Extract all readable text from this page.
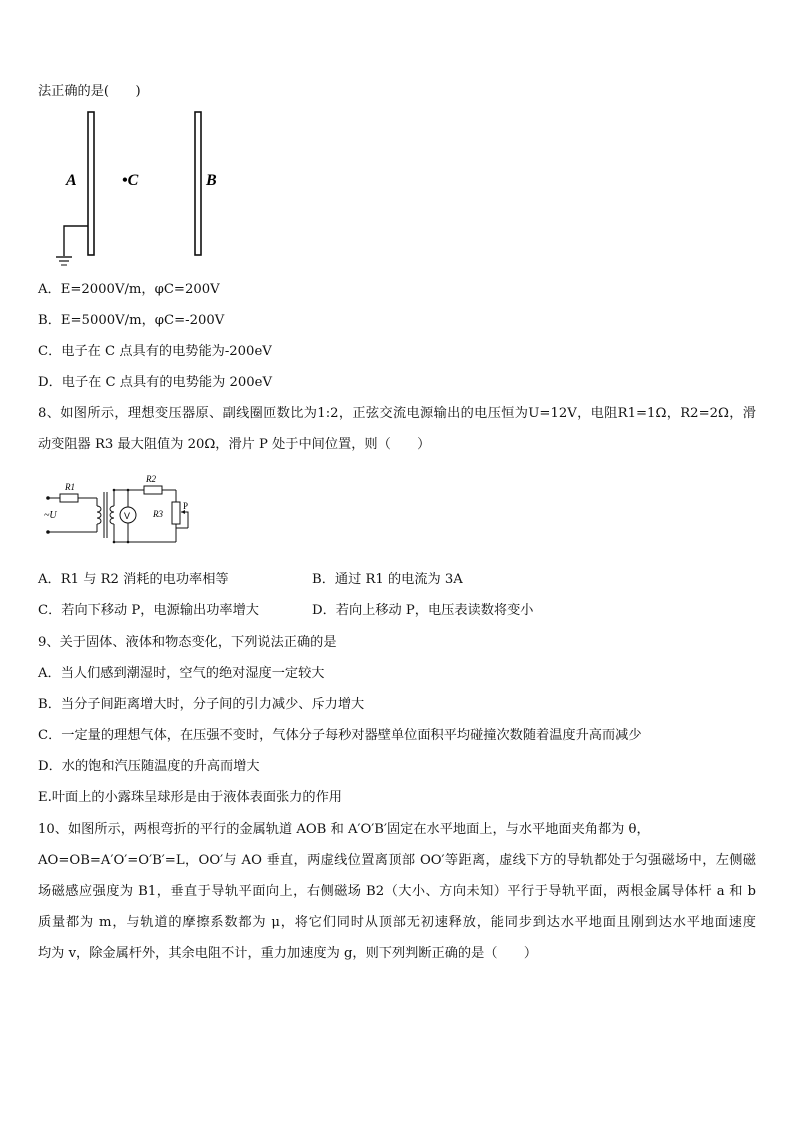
法正确的是(　　)
A	•C	B
A．E=2000V/m，φC=200V
B．E=5000V/m，φC=-200V
C．电子在 C 点具有的电势能为-200eV
D．电子在 C 点具有的电势能为 200eV
8、如图所示，理想变压器原、副线圈匝数比为1:2，正弦交流电源输出的电压恒为U=12V，电阻R1=1Ω，R2=2Ω，滑
动变阻器 R3 最大阻值为 20Ω，滑片 P 处于中间位置，则（　　）
R1
R2
R3
P
~U	V
A．R1 与 R2 消耗的电功率相等	B．通过 R1 的电流为 3A
C．若向下移动 P，电源输出功率增大	D．若向上移动 P，电压表读数将变小
9、关于固体、液体和物态变化，下列说法正确的是
A．当人们感到潮湿时，空气的绝对湿度一定较大
B．当分子间距离增大时，分子间的引力减少、斥力增大
C．一定量的理想气体，在压强不变时，气体分子每秒对器壁单位面积平均碰撞次数随着温度升高而减少
D．水的饱和汽压随温度的升高而增大
E.叶面上的小露珠呈球形是由于液体表面张力的作用
10、如图所示，两根弯折的平行的金属轨道 AOB 和 A′O′B′固定在水平地面上，与水平地面夹角都为 θ，
AO=OB=A′O′=O′B′=L，OO′与 AO 垂直，两虚线位置离顶部 OO′等距离，虚线下方的导轨都处于匀强磁场中，左侧磁
场磁感应强度为 B1，垂直于导轨平面向上，右侧磁场 B2（大小、方向未知）平行于导轨平面，两根金属导体杆 a 和 b
质量都为 m，与轨道的摩擦系数都为 μ，将它们同时从顶部无初速释放，能同步到达水平地面且刚到达水平地面速度
均为 v，除金属杆外，其余电阻不计，重力加速度为 g，则下列判断正确的是（　　）
